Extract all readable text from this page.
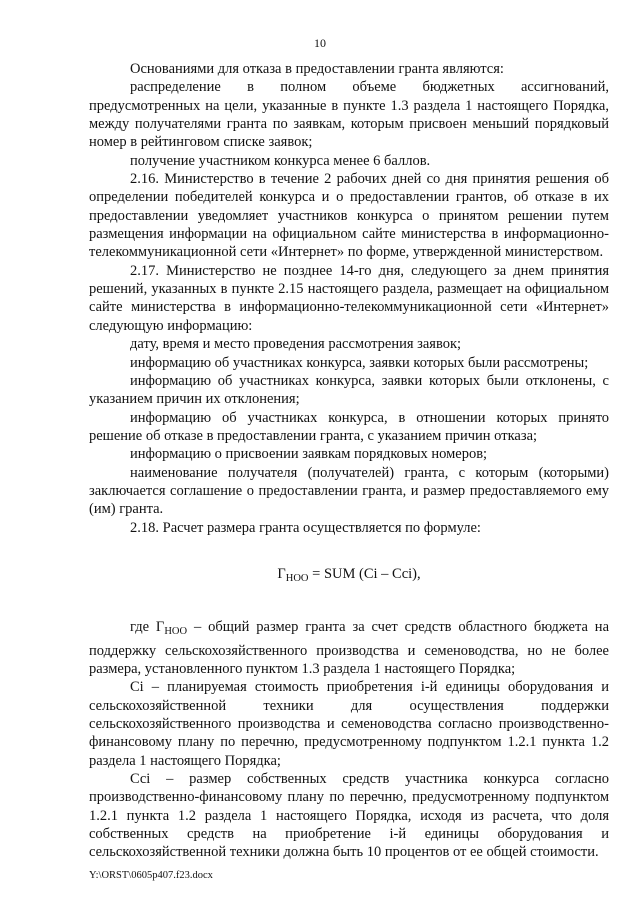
10

Основаниями для отказа в предоставлении гранта являются:

распределение в полном объеме бюджетных ассигнований, предусмотренных на цели, указанные в пункте 1.3 раздела 1 настоящего Порядка, между получателями гранта по заявкам, которым присвоен меньший порядковый номер в рейтинговом списке заявок;

получение участником конкурса менее 6 баллов.

2.16. Министерство в течение 2 рабочих дней со дня принятия решения об определении победителей конкурса и о предоставлении грантов, об отказе в их предоставлении уведомляет участников конкурса о принятом решении путем размещения информации на официальном сайте министерства в информационно-телекоммуникационной сети «Интернет» по форме, утвержденной министерством.

2.17. Министерство не позднее 14-го дня, следующего за днем принятия решений, указанных в пункте 2.15 настоящего раздела, размещает на официальном сайте министерства в информационно-телекоммуникационной сети «Интернет» следующую информацию:

дату, время и место проведения рассмотрения заявок;

информацию об участниках конкурса, заявки которых были рассмотрены;

информацию об участниках конкурса, заявки которых были отклонены, с указанием причин их отклонения;

информацию об участниках конкурса, в отношении которых принято решение об отказе в предоставлении гранта, с указанием причин отказа;

информацию о присвоении заявкам порядковых номеров;

наименование получателя (получателей) гранта, с которым (которыми) заключается соглашение о предоставлении гранта, и размер предоставляемого ему (им) гранта.

2.18. Расчет размера гранта осуществляется по формуле:

$Г_{НОО}$ = SUM (Ci – Ccі),

где $Г_{НОО}$ – общий размер гранта за счет средств областного бюджета на поддержку сельскохозяйственного производства и семеноводства, но не более размера, установленного пунктом 1.3 раздела 1 настоящего Порядка;

Сi – планируемая стоимость приобретения і-й единицы оборудования и сельскохозяйственной техники для осуществления поддержки сельскохозяйственного производства и семеноводства согласно производственно-финансовому плану по перечню, предусмотренному подпунктом 1.2.1 пункта 1.2 раздела 1 настоящего Порядка;

Ссі – размер собственных средств участника конкурса согласно производственно-финансовому плану по перечню, предусмотренному подпунктом 1.2.1 пункта 1.2 раздела 1 настоящего Порядка, исходя из расчета, что доля собственных средств на приобретение і-й единицы оборудования и сельскохозяйственной техники должна быть 10 процентов от ее общей стоимости.

Y:\ORST\0605p407.f23.docx
